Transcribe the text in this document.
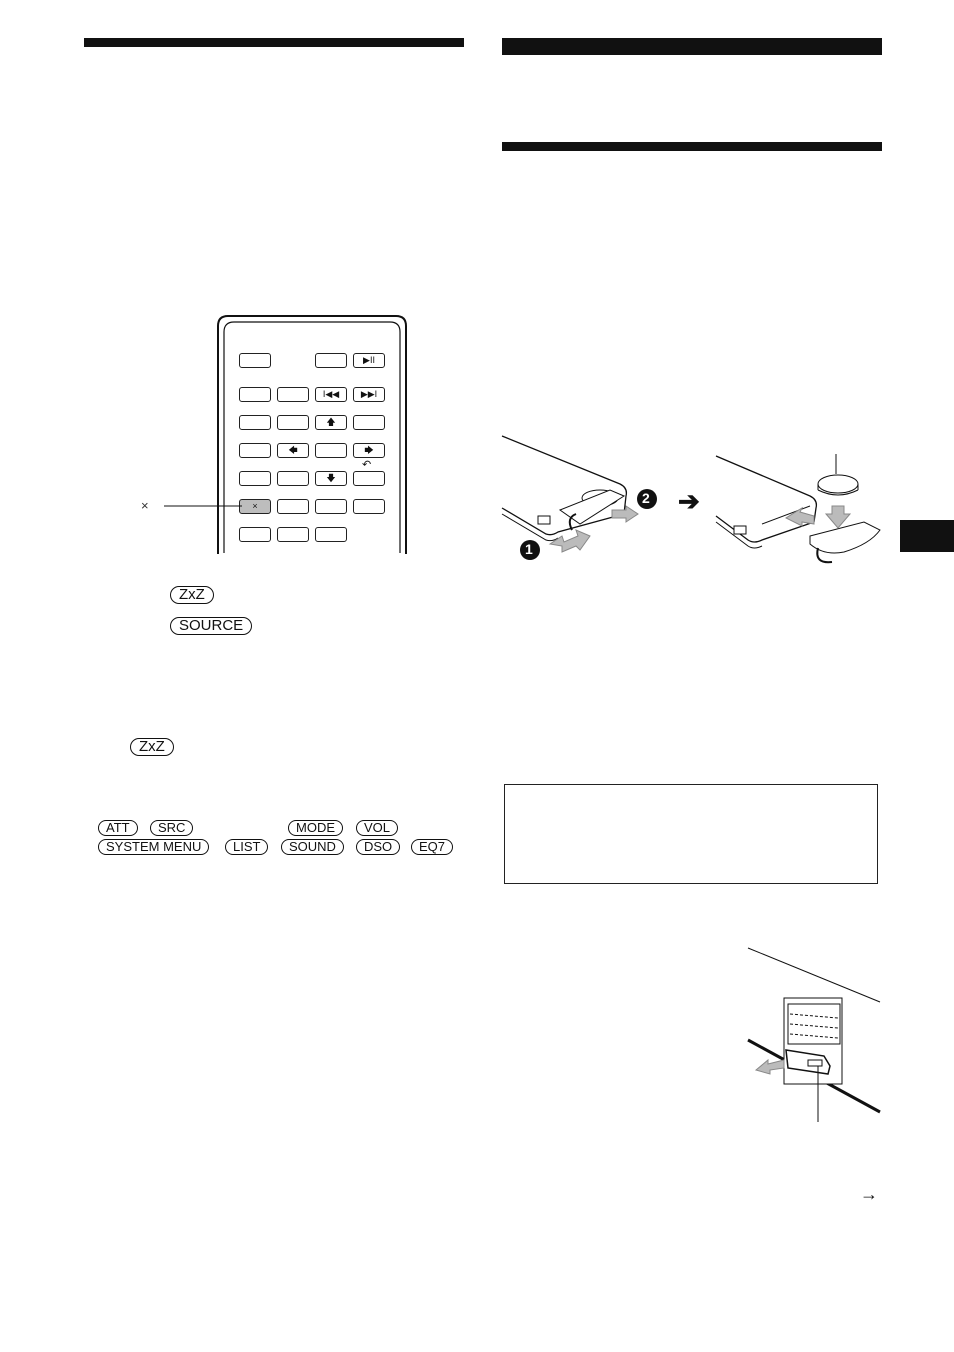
▶II
I◀◀	▶▶I
🡅
🡄	🡆
🡇
↶
×
×
ZxZ
SOURCE
ZxZ
ATT	SRC	MODE	VOL
SYSTEM MENU	LIST	SOUND	DSO	EQ7
1
2 ➔
→
